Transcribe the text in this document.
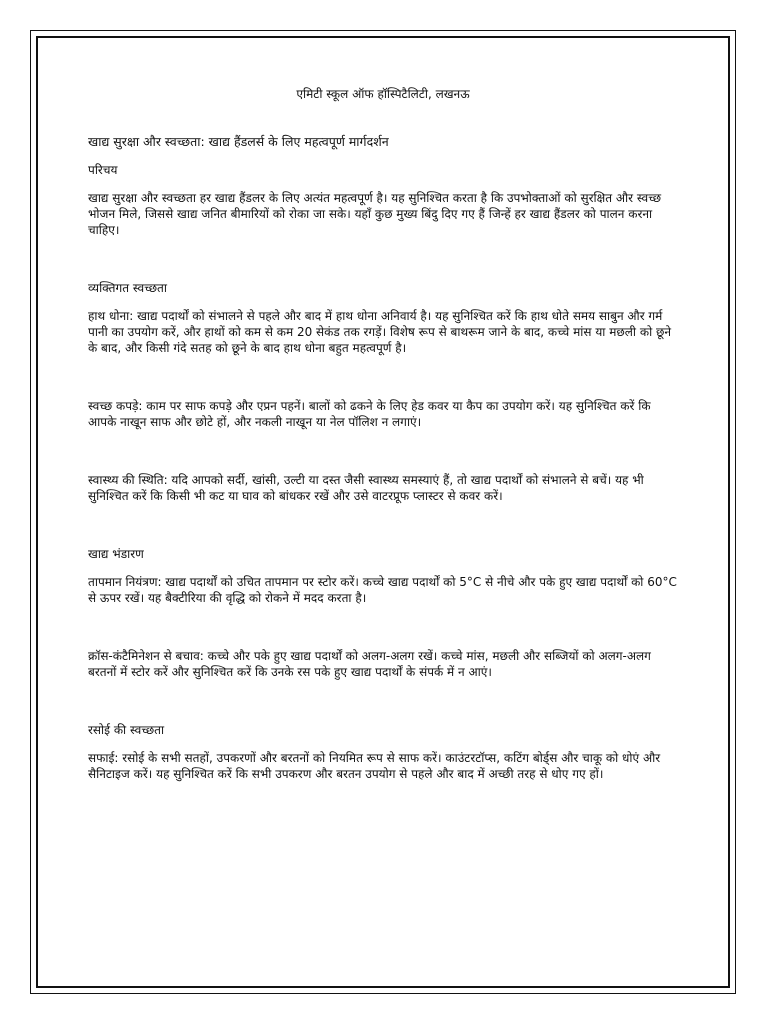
एमिटी स्कूल ऑफ हॉस्पिटैलिटी, लखनऊ

खाद्य सुरक्षा और स्वच्छता: खाद्य हैंडलर्स के लिए महत्वपूर्ण मार्गदर्शन

परिचय

खाद्य सुरक्षा और स्वच्छता हर खाद्य हैंडलर के लिए अत्यंत महत्वपूर्ण है। यह सुनिश्चित करता है कि उपभोक्ताओं को सुरक्षित और स्वच्छ भोजन मिले, जिससे खाद्य जनित बीमारियों को रोका जा सके। यहाँ कुछ मुख्य बिंदु दिए गए हैं जिन्हें हर खाद्य हैंडलर को पालन करना चाहिए।

व्यक्तिगत स्वच्छता

हाथ धोना: खाद्य पदार्थों को संभालने से पहले और बाद में हाथ धोना अनिवार्य है। यह सुनिश्चित करें कि हाथ धोते समय साबुन और गर्म पानी का उपयोग करें, और हाथों को कम से कम 20 सेकंड तक रगड़ें। विशेष रूप से बाथरूम जाने के बाद, कच्चे मांस या मछली को छूने के बाद, और किसी गंदे सतह को छूने के बाद हाथ धोना बहुत महत्वपूर्ण है।

स्वच्छ कपड़े: काम पर साफ कपड़े और एप्रन पहनें। बालों को ढकने के लिए हेड कवर या कैप का उपयोग करें। यह सुनिश्चित करें कि आपके नाखून साफ और छोटे हों, और नकली नाखून या नेल पॉलिश न लगाएं।

स्वास्थ्य की स्थिति: यदि आपको सर्दी, खांसी, उल्टी या दस्त जैसी स्वास्थ्य समस्याएं हैं, तो खाद्य पदार्थों को संभालने से बचें। यह भी सुनिश्चित करें कि किसी भी कट या घाव को बांधकर रखें और उसे वाटरप्रूफ प्लास्टर से कवर करें।

खाद्य भंडारण

तापमान नियंत्रण: खाद्य पदार्थों को उचित तापमान पर स्टोर करें। कच्चे खाद्य पदार्थों को 5°C से नीचे और पके हुए खाद्य पदार्थों को 60°C से ऊपर रखें। यह बैक्टीरिया की वृद्धि को रोकने में मदद करता है।

क्रॉस-कंटैमिनेशन से बचाव: कच्चे और पके हुए खाद्य पदार्थों को अलग-अलग रखें। कच्चे मांस, मछली और सब्जियों को अलग-अलग बरतनों में स्टोर करें और सुनिश्चित करें कि उनके रस पके हुए खाद्य पदार्थों के संपर्क में न आएं।

रसोई की स्वच्छता

सफाई: रसोई के सभी सतहों, उपकरणों और बरतनों को नियमित रूप से साफ करें। काउंटरटॉप्स, कटिंग बोर्ड्स और चाकू को धोएं और सैनिटाइज करें। यह सुनिश्चित करें कि सभी उपकरण और बरतन उपयोग से पहले और बाद में अच्छी तरह से धोए गए हों।
